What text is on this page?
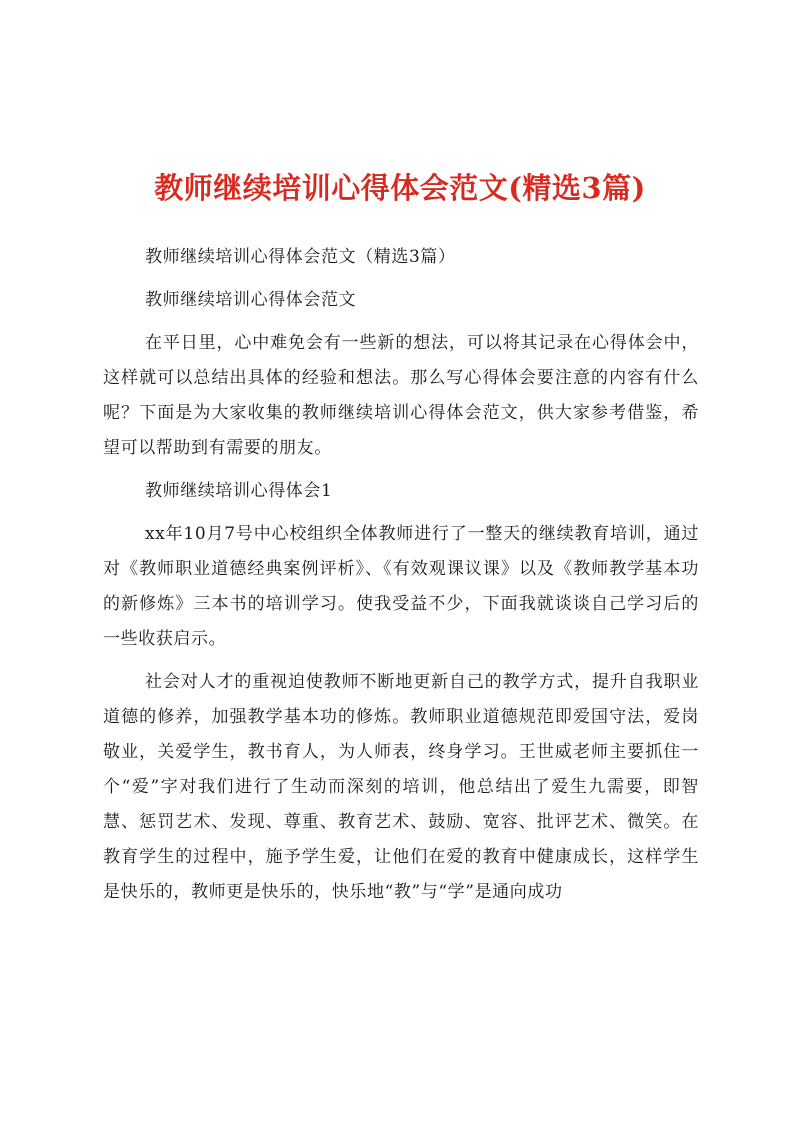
教师继续培训心得体会范文(精选3篇)

教师继续培训心得体会范文（精选3篇）

教师继续培训心得体会范文

在平日里，心中难免会有一些新的想法，可以将其记录在心得体会中，这样就可以总结出具体的经验和想法。那么写心得体会要注意的内容有什么呢？下面是为大家收集的教师继续培训心得体会范文，供大家参考借鉴，希望可以帮助到有需要的朋友。

教师继续培训心得体会1

xx年10月7号中心校组织全体教师进行了一整天的继续教育培训，通过对《教师职业道德经典案例评析》、《有效观课议课》以及《教师教学基本功的新修炼》三本书的培训学习。使我受益不少，下面我就谈谈自己学习后的一些收获启示。

社会对人才的重视迫使教师不断地更新自己的教学方式，提升自我职业道德的修养，加强教学基本功的修炼。教师职业道德规范即爱国守法，爱岗敬业，关爱学生，教书育人，为人师表，终身学习。王世威老师主要抓住一个“爱”字对我们进行了生动而深刻的培训，他总结出了爱生九需要，即智慧、惩罚艺术、发现、尊重、教育艺术、鼓励、宽容、批评艺术、微笑。在教育学生的过程中，施予学生爱，让他们在爱的教育中健康成长，这样学生是快乐的，教师更是快乐的，快乐地“教”与“学”是通向成功
